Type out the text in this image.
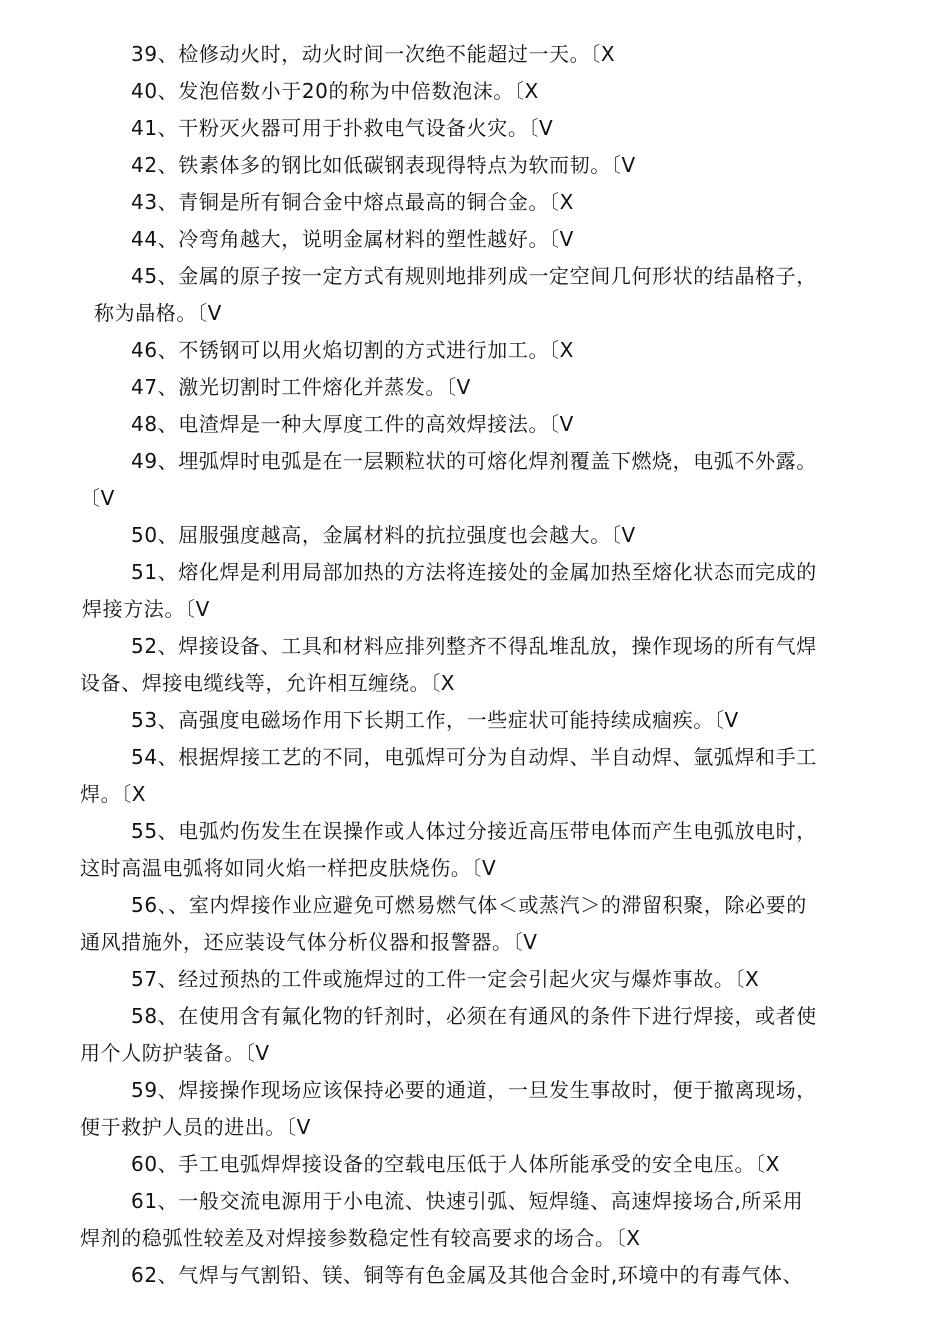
39、检修动火时，动火时间一次绝不能超过一天。〔X
40、发泡倍数小于20的称为中倍数泡沫。〔X
41、干粉灭火器可用于扑救电气设备火灾。〔V
42、铁素体多的钢比如低碳钢表现得特点为软而韧。〔V
43、青铜是所有铜合金中熔点最高的铜合金。〔X
44、冷弯角越大，说明金属材料的塑性越好。〔V
45、金属的原子按一定方式有规则地排列成一定空间几何形状的结晶格子，
称为晶格。〔V
46、不锈钢可以用火焰切割的方式进行加工。〔X
47、激光切割时工件熔化并蒸发。〔V
48、电渣焊是一种大厚度工件的高效焊接法。〔V
49、埋弧焊时电弧是在一层颗粒状的可熔化焊剂覆盖下燃烧，电弧不外露。
〔V
50、屈服强度越高，金属材料的抗拉强度也会越大。〔V
51、熔化焊是利用局部加热的方法将连接处的金属加热至熔化状态而完成的
焊接方法。〔V
52、焊接设备、工具和材料应排列整齐不得乱堆乱放，操作现场的所有气焊
设备、焊接电缆线等，允许相互缠绕。〔X
53、高强度电磁场作用下长期工作，一些症状可能持续成痼疾。〔V
54、根据焊接工艺的不同，电弧焊可分为自动焊、半自动焊、氩弧焊和手工
焊。〔X
55、电弧灼伤发生在误操作或人体过分接近高压带电体而产生电弧放电时，
这时高温电弧将如同火焰一样把皮肤烧伤。〔V
56、、室内焊接作业应避免可燃易燃气体＜或蒸汽＞的滞留积聚，除必要的
通风措施外，还应装设气体分析仪器和报警器。〔V
57、经过预热的工件或施焊过的工件一定会引起火灾与爆炸事故。〔X
58、在使用含有氟化物的钎剂时，必须在有通风的条件下进行焊接，或者使
用个人防护装备。〔V
59、焊接操作现场应该保持必要的通道，一旦发生事故时，便于撤离现场，
便于救护人员的进出。〔V
60、手工电弧焊焊接设备的空载电压低于人体所能承受的安全电压。〔X
61、一般交流电源用于小电流、快速引弧、短焊缝、高速焊接场合,所采用
焊剂的稳弧性较差及对焊接参数稳定性有较高要求的场合。〔X
62、气焊与气割铅、镁、铜等有色金属及其他合金时,环境中的有毒气体、
